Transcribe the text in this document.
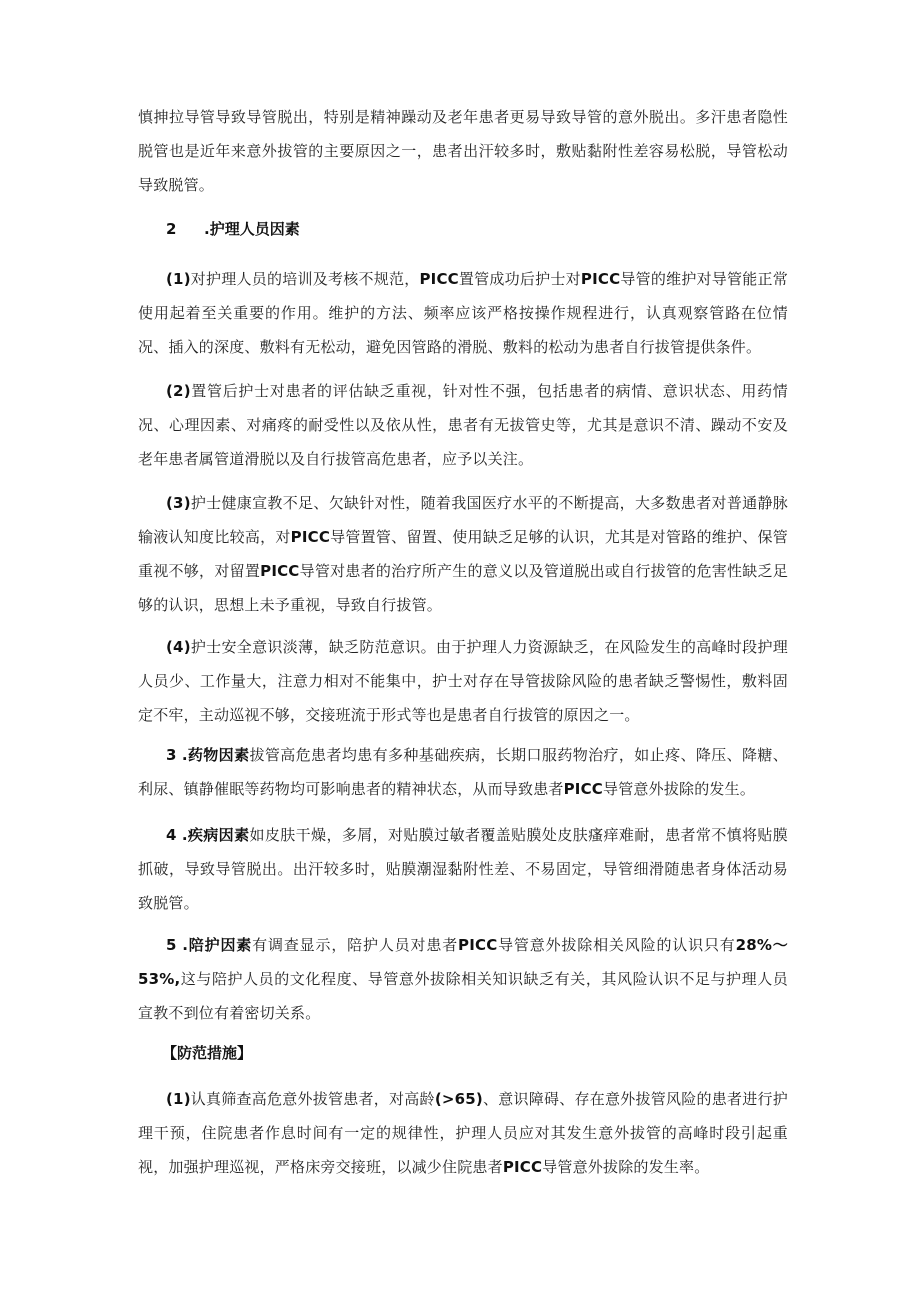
慎抻拉导管导致导管脱出，特别是精神躁动及老年患者更易导致导管的意外脱出。多汗患者隐性脱管也是近年来意外拔管的主要原因之一，患者出汗较多时，敷贴黏附性差容易松脱，导管松动导致脱管。

2 .护理人员因素

(1)对护理人员的培训及考核不规范，PICC置管成功后护士对PICC导管的维护对导管能正常使用起着至关重要的作用。维护的方法、频率应该严格按操作规程进行，认真观察管路在位情况、插入的深度、敷料有无松动，避免因管路的滑脱、敷料的松动为患者自行拔管提供条件。

(2)置管后护士对患者的评估缺乏重视，针对性不强，包括患者的病情、意识状态、用药情况、心理因素、对痛疼的耐受性以及依从性，患者有无拔管史等，尤其是意识不清、躁动不安及老年患者属管道滑脱以及自行拔管高危患者，应予以关注。

(3)护士健康宣教不足、欠缺针对性，随着我国医疗水平的不断提高，大多数患者对普通静脉输液认知度比较高，对PICC导管置管、留置、使用缺乏足够的认识，尤其是对管路的维护、保管重视不够，对留置PICC导管对患者的治疗所产生的意义以及管道脱出或自行拔管的危害性缺乏足够的认识，思想上未予重视，导致自行拔管。

(4)护士安全意识淡薄，缺乏防范意识。由于护理人力资源缺乏，在风险发生的高峰时段护理人员少、工作量大，注意力相对不能集中，护士对存在导管拔除风险的患者缺乏警惕性，敷料固定不牢，主动巡视不够，交接班流于形式等也是患者自行拔管的原因之一。

3 .药物因素拔管高危患者均患有多种基础疾病，长期口服药物治疗，如止疼、降压、降糖、利尿、镇静催眠等药物均可影响患者的精神状态，从而导致患者PICC导管意外拔除的发生。

4 .疾病因素如皮肤干燥，多屑，对贴膜过敏者覆盖贴膜处皮肤瘙痒难耐，患者常不慎将贴膜抓破，导致导管脱出。出汗较多时，贴膜潮湿黏附性差、不易固定，导管细滑随患者身体活动易致脱管。

5 .陪护因素有调查显示，陪护人员对患者PICC导管意外拔除相关风险的认识只有28%〜53%,这与陪护人员的文化程度、导管意外拔除相关知识缺乏有关，其风险认识不足与护理人员宣教不到位有着密切关系。

【防范措施】

(1)认真筛查高危意外拔管患者，对高龄(>65)、意识障碍、存在意外拔管风险的患者进行护理干预，住院患者作息时间有一定的规律性，护理人员应对其发生意外拔管的高峰时段引起重视，加强护理巡视，严格床旁交接班，以减少住院患者PICC导管意外拔除的发生率。
